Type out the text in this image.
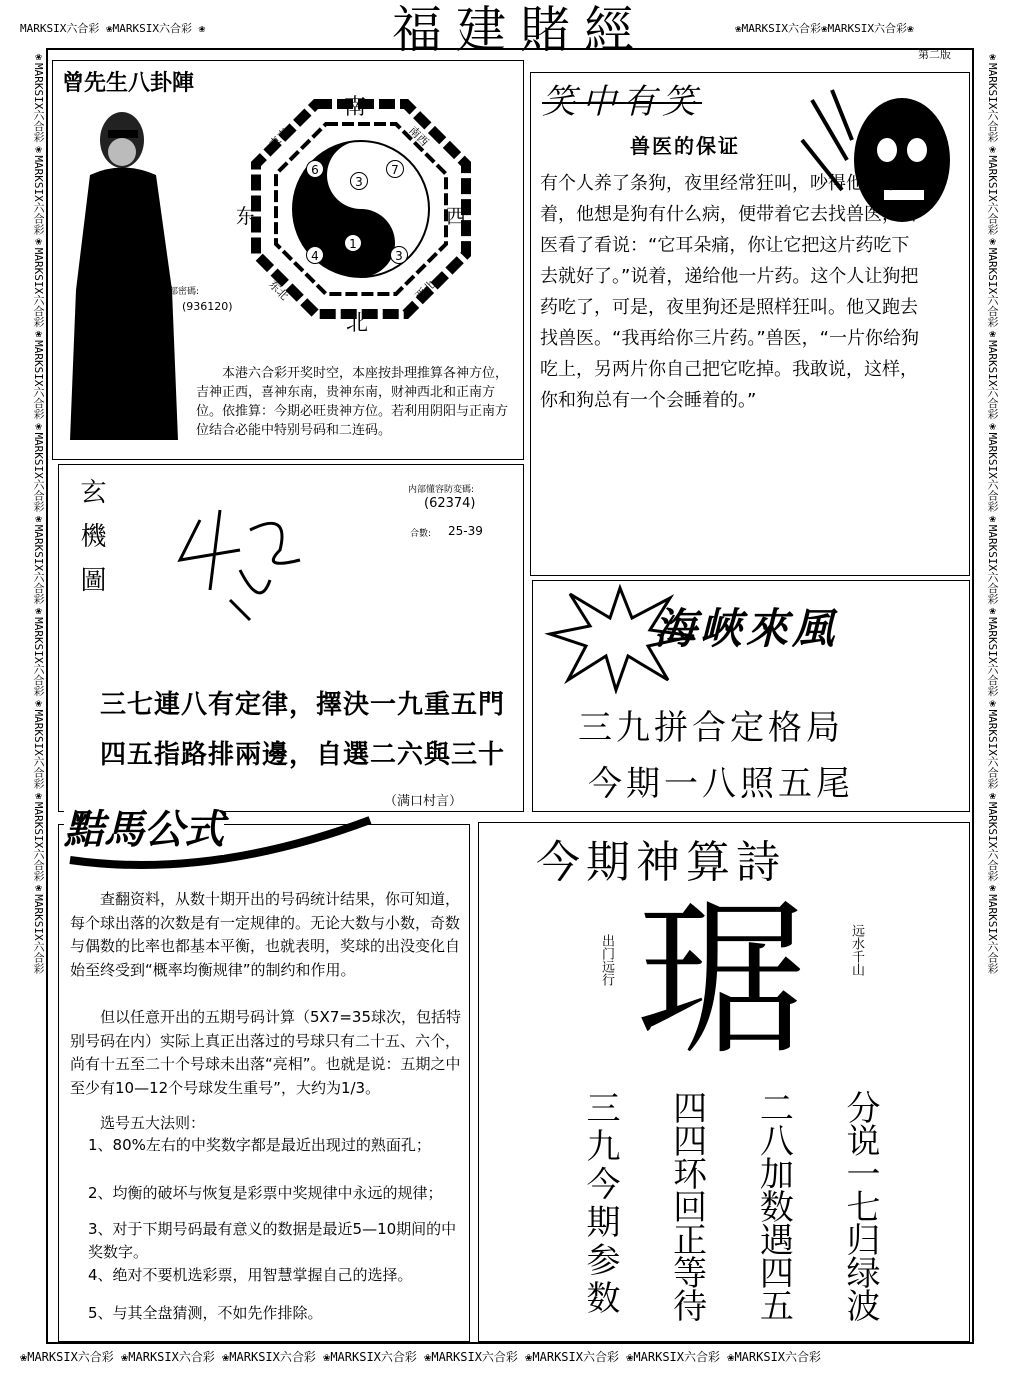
MARKSIX六合彩 ❀MARKSIX六合彩 ❀	❀MARKSIX六合彩❀MARKSIX六合彩❀
❀MARKSIX六合彩 ❀MARKSIX六合彩 ❀MARKSIX六合彩 ❀MARKSIX六合彩 ❀MARKSIX六合彩 ❀MARKSIX六合彩 ❀MARKSIX六合彩 ❀MARKSIX六合彩
❀MARKSIX六合彩❀MARKSIX六合彩❀MARKSIX六合彩❀MARKSIX六合彩❀MARKSIX六合彩❀MARKSIX六合彩❀MARKSIX六合彩❀MARKSIX六合彩❀MARKSIX六合彩❀MARKSIX六合彩
❀MARKSIX六合彩❀MARKSIX六合彩❀MARKSIX六合彩❀MARKSIX六合彩❀MARKSIX六合彩❀MARKSIX六合彩❀MARKSIX六合彩❀MARKSIX六合彩❀MARKSIX六合彩❀MARKSIX六合彩
福建賭經	第二版
曾先生八卦陣
内部密碼:
(936120)
南
北
东	西
東南	南西
东北	西北
6
3
7
4
1
3
本港六合彩开奖时空，本座按卦理推算各神方位，吉神正西，喜神东南，贵神东南，财神西北和正南方位。依推算：今期必旺贵神方位。若利用阴阳与正南方位结合必能中特别号码和二连码。
笑中有笑
兽医的保证
有个人养了条狗，夜里经常狂叫，吵得他睡不着，他想是狗有什么病，便带着它去找兽医，兽医看了看说：“它耳朵痛，你让它把这片药吃下去就好了。”说着，递给他一片药。这个人让狗把药吃了，可是，夜里狗还是照样狂叫。他又跑去找兽医。“我再给你三片药。”兽医，“一片你给狗吃上，另两片你自己把它吃掉。我敢说，这样，你和狗总有一个会睡着的。”
玄機圖	内部懂容防変碼:
(62374)
合數: 25-39
三七連八有定律，擇決一九重五門
四五指路排兩邊，自選二六與三十
（满口村言）
海峽來風
三九拼合定格局
今期一八照五尾
黠馬公式
查翻资料，从数十期开出的号码统计结果，你可知道，每个球出落的次数是有一定规律的。无论大数与小数，奇数与偶数的比率也都基本平衡，也就表明，奖球的出没变化自始至终受到“概率均衡规律”的制约和作用。
但以任意开出的五期号码计算（5X7=35球次，包括特别号码在内）实际上真正出落过的号球只有二十五、六个，尚有十五至二十个号球未出落“亮相”。也就是说：五期之中至少有10—12个号球发生重号”，大约为1/3。
选号五大法则：
1、80%左右的中奖数字都是最近出现过的熟面孔；
2、均衡的破坏与恢复是彩票中奖规律中永远的规律；
3、对于下期号码最有意义的数据是最近5—10期间的中奖数字。
4、绝对不要机选彩票，用智慧掌握自己的选择。
5、与其全盘猜测，不如先作排除。
今期神算詩
琚
出门远行	远水千山
三九今期参数 四四环回正等待 二八加数遇四五 分说一七归绿波
